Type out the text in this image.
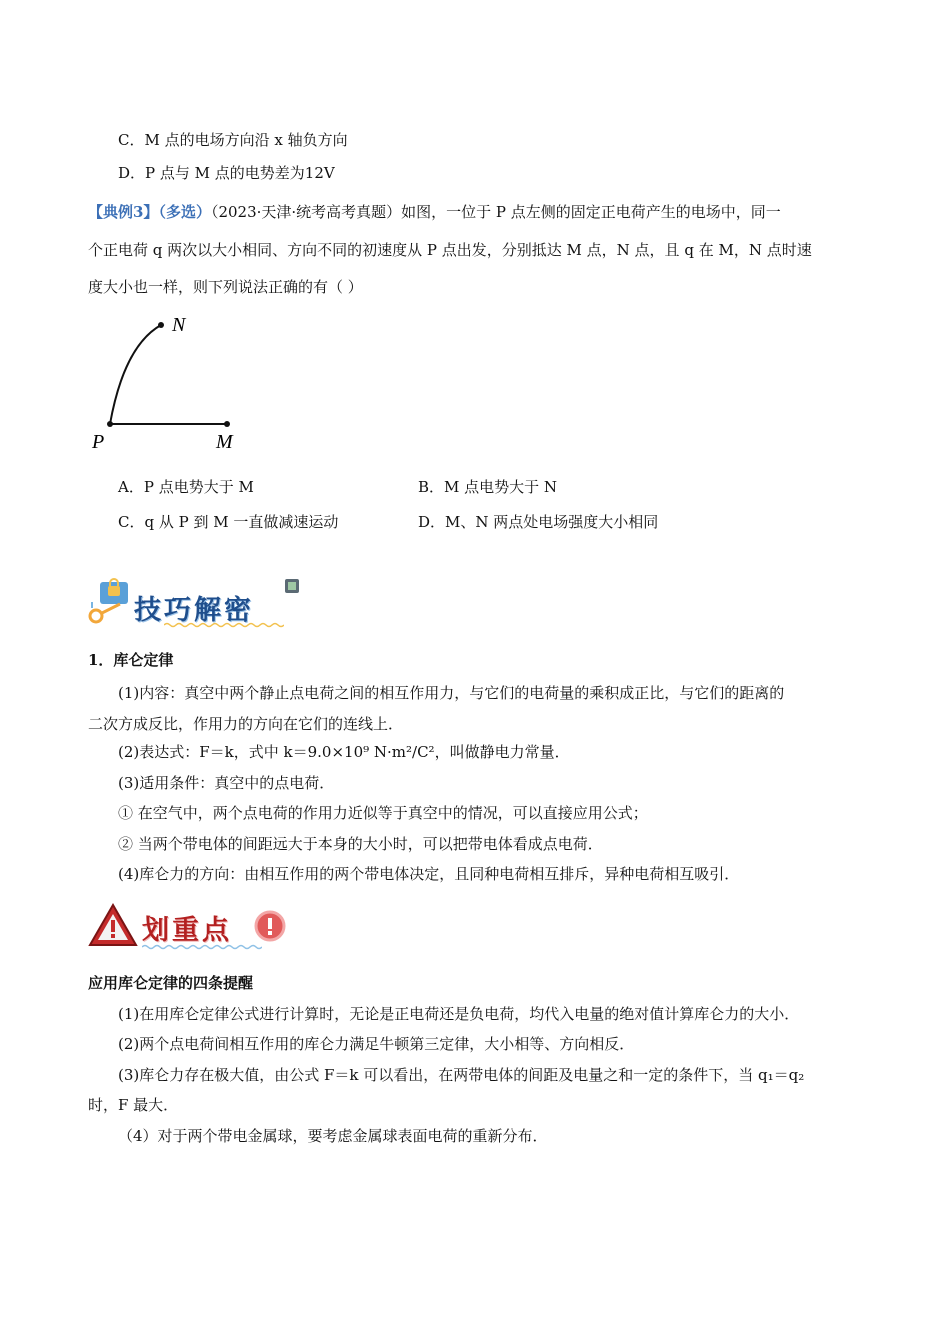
C．M 点的电场方向沿 x 轴负方向
D．P 点与 M 点的电势差为12V
【典例3】（多选）（2023·天津·统考高考真题）如图，一位于 P 点左侧的固定正电荷产生的电场中，同一
个正电荷 q 两次以大小相同、方向不同的初速度从 P 点出发，分别抵达 M 点，N 点，且 q 在 M，N 点时速
度大小也一样，则下列说法正确的有（ ）
N
P	M
A．P 点电势大于 M	B．M 点电势大于 N
C．q 从 P 到 M 一直做减速运动	D．M、N 两点处电场强度大小相同
技巧解密
1．库仑定律
(1)内容：真空中两个静止点电荷之间的相互作用力，与它们的电荷量的乘积成正比，与它们的距离的
二次方成反比，作用力的方向在它们的连线上．
(2)表达式：F＝k，式中 k＝9.0×10⁹ N·m²/C²，叫做静电力常量．
(3)适用条件：真空中的点电荷．
① 在空气中，两个点电荷的作用力近似等于真空中的情况，可以直接应用公式；
② 当两个带电体的间距远大于本身的大小时，可以把带电体看成点电荷．
(4)库仑力的方向：由相互作用的两个带电体决定，且同种电荷相互排斥，异种电荷相互吸引．
划重点
应用库仑定律的四条提醒
(1)在用库仑定律公式进行计算时，无论是正电荷还是负电荷，均代入电量的绝对值计算库仑力的大小．
(2)两个点电荷间相互作用的库仑力满足牛顿第三定律，大小相等、方向相反．
(3)库仑力存在极大值，由公式 F＝k 可以看出，在两带电体的间距及电量之和一定的条件下，当 q₁＝q₂
时，F 最大．
（4）对于两个带电金属球，要考虑金属球表面电荷的重新分布．
